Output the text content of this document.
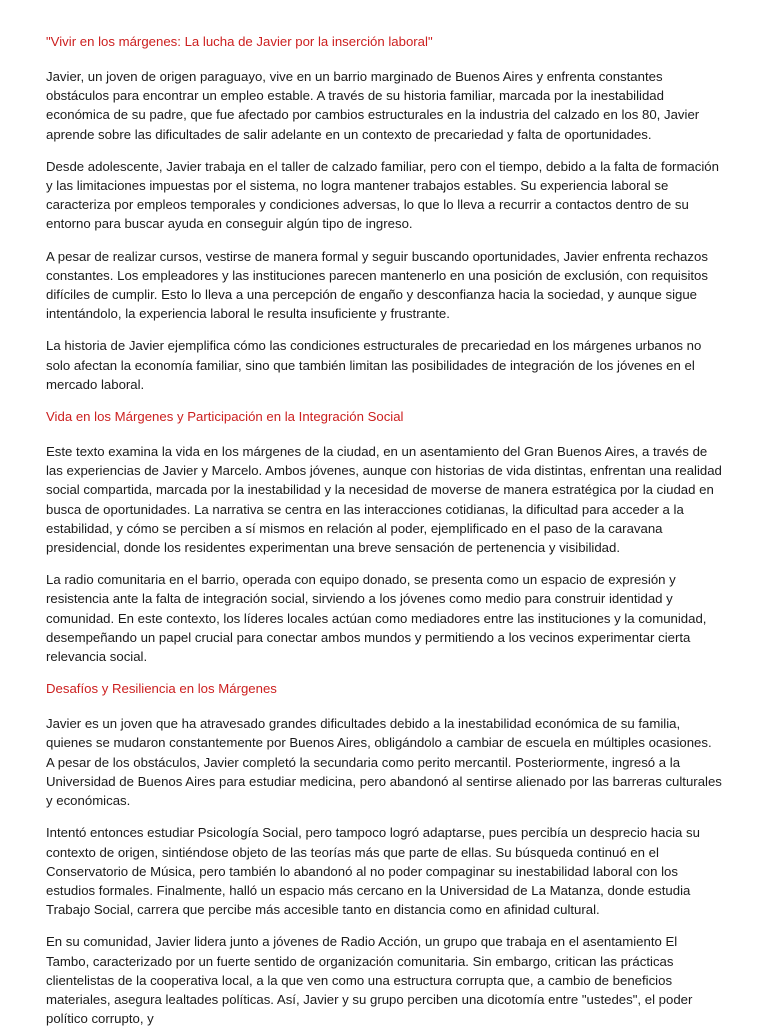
"Vivir en los márgenes: La lucha de Javier por la inserción laboral"

Javier, un joven de origen paraguayo, vive en un barrio marginado de Buenos Aires y enfrenta constantes obstáculos para encontrar un empleo estable. A través de su historia familiar, marcada por la inestabilidad económica de su padre, que fue afectado por cambios estructurales en la industria del calzado en los 80, Javier aprende sobre las dificultades de salir adelante en un contexto de precariedad y falta de oportunidades.

Desde adolescente, Javier trabaja en el taller de calzado familiar, pero con el tiempo, debido a la falta de formación y las limitaciones impuestas por el sistema, no logra mantener trabajos estables. Su experiencia laboral se caracteriza por empleos temporales y condiciones adversas, lo que lo lleva a recurrir a contactos dentro de su entorno para buscar ayuda en conseguir algún tipo de ingreso.

A pesar de realizar cursos, vestirse de manera formal y seguir buscando oportunidades, Javier enfrenta rechazos constantes. Los empleadores y las instituciones parecen mantenerlo en una posición de exclusión, con requisitos difíciles de cumplir. Esto lo lleva a una percepción de engaño y desconfianza hacia la sociedad, y aunque sigue intentándolo, la experiencia laboral le resulta insuficiente y frustrante.

La historia de Javier ejemplifica cómo las condiciones estructurales de precariedad en los márgenes urbanos no solo afectan la economía familiar, sino que también limitan las posibilidades de integración de los jóvenes en el mercado laboral.

Vida en los Márgenes y Participación en la Integración Social

Este texto examina la vida en los márgenes de la ciudad, en un asentamiento del Gran Buenos Aires, a través de las experiencias de Javier y Marcelo. Ambos jóvenes, aunque con historias de vida distintas, enfrentan una realidad social compartida, marcada por la inestabilidad y la necesidad de moverse de manera estratégica por la ciudad en busca de oportunidades. La narrativa se centra en las interacciones cotidianas, la dificultad para acceder a la estabilidad, y cómo se perciben a sí mismos en relación al poder, ejemplificado en el paso de la caravana presidencial, donde los residentes experimentan una breve sensación de pertenencia y visibilidad.

La radio comunitaria en el barrio, operada con equipo donado, se presenta como un espacio de expresión y resistencia ante la falta de integración social, sirviendo a los jóvenes como medio para construir identidad y comunidad. En este contexto, los líderes locales actúan como mediadores entre las instituciones y la comunidad, desempeñando un papel crucial para conectar ambos mundos y permitiendo a los vecinos experimentar cierta relevancia social.

Desafíos y Resiliencia en los Márgenes

Javier es un joven que ha atravesado grandes dificultades debido a la inestabilidad económica de su familia, quienes se mudaron constantemente por Buenos Aires, obligándolo a cambiar de escuela en múltiples ocasiones. A pesar de los obstáculos, Javier completó la secundaria como perito mercantil. Posteriormente, ingresó a la Universidad de Buenos Aires para estudiar medicina, pero abandonó al sentirse alienado por las barreras culturales y económicas.

Intentó entonces estudiar Psicología Social, pero tampoco logró adaptarse, pues percibía un desprecio hacia su contexto de origen, sintiéndose objeto de las teorías más que parte de ellas. Su búsqueda continuó en el Conservatorio de Música, pero también lo abandonó al no poder compaginar su inestabilidad laboral con los estudios formales. Finalmente, halló un espacio más cercano en la Universidad de La Matanza, donde estudia Trabajo Social, carrera que percibe más accesible tanto en distancia como en afinidad cultural.

En su comunidad, Javier lidera junto a jóvenes de Radio Acción, un grupo que trabaja en el asentamiento El Tambo, caracterizado por un fuerte sentido de organización comunitaria. Sin embargo, critican las prácticas clientelistas de la cooperativa local, a la que ven como una estructura corrupta que, a cambio de beneficios materiales, asegura lealtades políticas. Así, Javier y su grupo perciben una dicotomía entre "ustedes", el poder político corrupto, y
